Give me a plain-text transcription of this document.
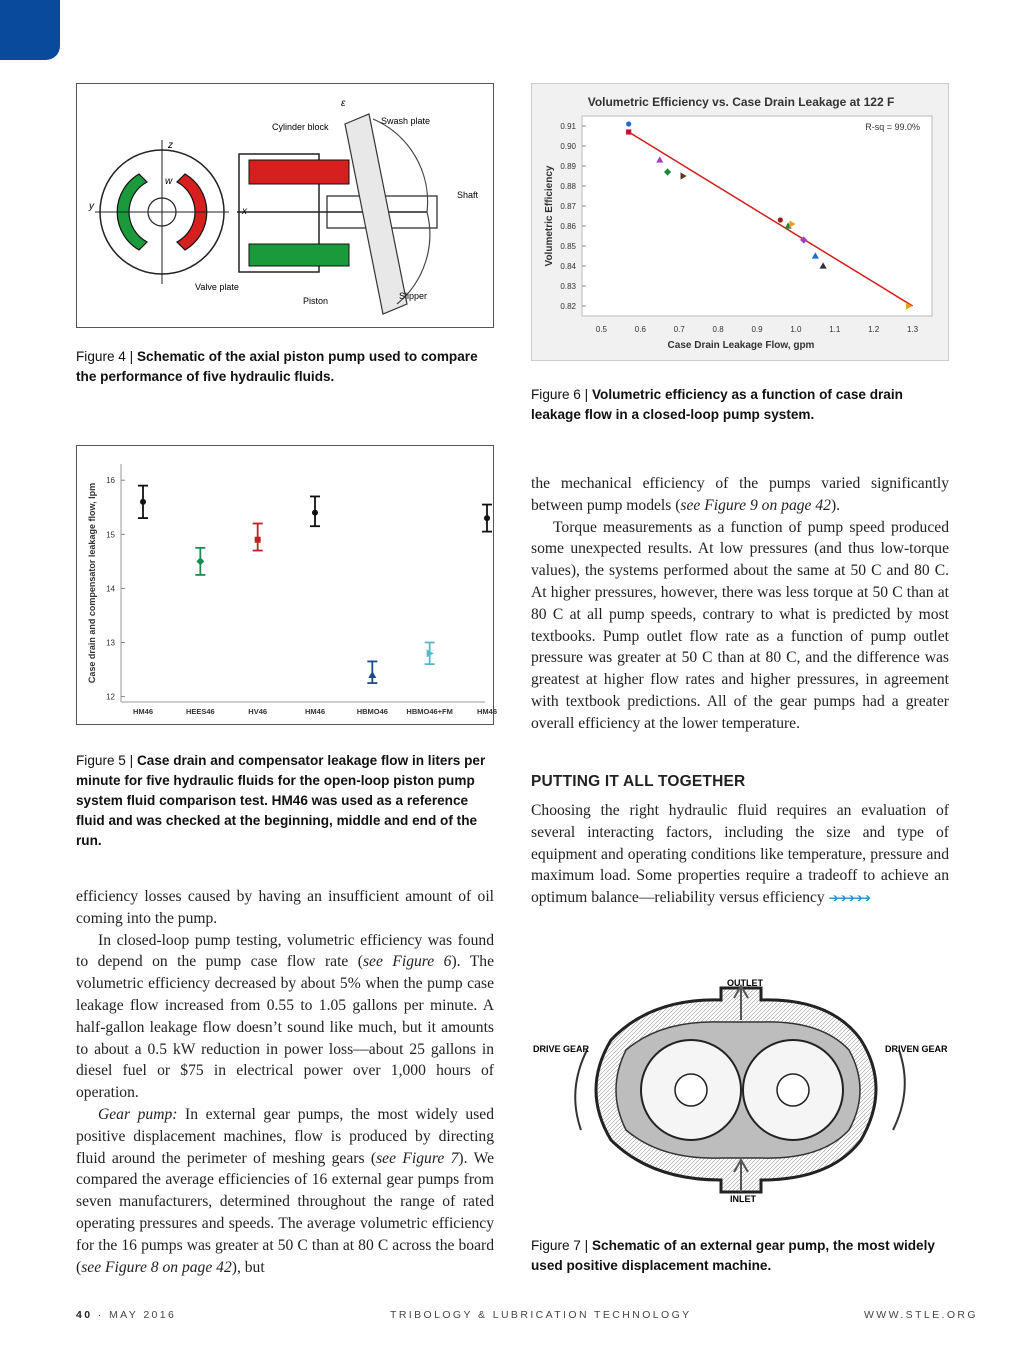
z
y
w
Valve plate
x
Cylinder block
Swash plate
Shaft
Piston	Slipper
ε
Figure 4 | Schematic of the axial piston pump used to compare the performance of five hydraulic fluids.
Volumetric Efficiency vs. Case Drain Leakage at 122 F
0.5	0.6	0.7	0.8	0.9	1.0	1.1	1.2	1.3
0.82
0.83
0.84
0.85
0.86
0.87
0.88
0.89
0.90
0.91
Case Drain Leakage Flow, gpm
Volumetric Efficiency
R-sq = 99.0%
Figure 6 | Volumetric efficiency as a function of case drain leakage flow in a closed-loop pump system.
12
13
14
15
16
Case drain and compensator leakage flow, lpm
HM46	HEES46	HV46	HM46	HBMO46 HBMO46+FM	HM46
Figure 5 | Case drain and compensator leakage flow in liters per minute for five hydraulic fluids for the open-loop piston pump system fluid comparison test. HM46 was used as a reference fluid and was checked at the beginning, middle and end of the run.

the mechanical efficiency of the pumps varied significantly between pump models (see Figure 9 on page 42).

Torque measurements as a function of pump speed produced some unexpected results. At low pressures (and thus low-torque values), the systems performed about the same at 50 C and 80 C. At higher pressures, however, there was less torque at 50 C than at 80 C at all pump speeds, contrary to what is predicted by most textbooks. Pump outlet flow rate as a function of pump outlet pressure was greater at 50 C than at 80 C, and the difference was greatest at higher flow rates and higher pressures, in agreement with textbook predictions. All of the gear pumps had a greater overall efficiency at the lower temperature.

PUTTING IT ALL TOGETHER

Choosing the right hydraulic fluid requires an evaluation of several interacting factors, including the size and type of equipment and operating conditions like temperature, pressure and maximum load. Some properties require a tradeoff to achieve an optimum balance—reliability versus efficiency ➔➔➔➔➔

efficiency losses caused by having an insufficient amount of oil coming into the pump.

In closed-loop pump testing, volumetric efficiency was found to depend on the pump case flow rate (see Figure 6). The volumetric efficiency decreased by about 5% when the pump case leakage flow increased from 0.55 to 1.05 gallons per minute. A half-gallon leakage flow doesn’t sound like much, but it amounts to about a 0.5 kW reduction in power loss—about 25 gallons in diesel fuel or $75 in electrical power over 1,000 hours of operation.

Gear pump: In external gear pumps, the most widely used positive displacement machines, flow is produced by directing fluid around the perimeter of meshing gears (see Figure 7). We compared the average efficiencies of 16 external gear pumps from seven manufacturers, determined throughout the range of rated operating pressures and speeds. The average volumetric efficiency for the 16 pumps was greater at 50 C than at 80 C across the board (see Figure 8 on page 42), but

OUTLET
INLET
DRIVE GEAR	DRIVEN GEAR
Figure 7 | Schematic of an external gear pump, the most widely used positive displacement machine.
40 · MAY 2016	TRIBOLOGY & LUBRICATION TECHNOLOGY	WWW.STLE.ORG
